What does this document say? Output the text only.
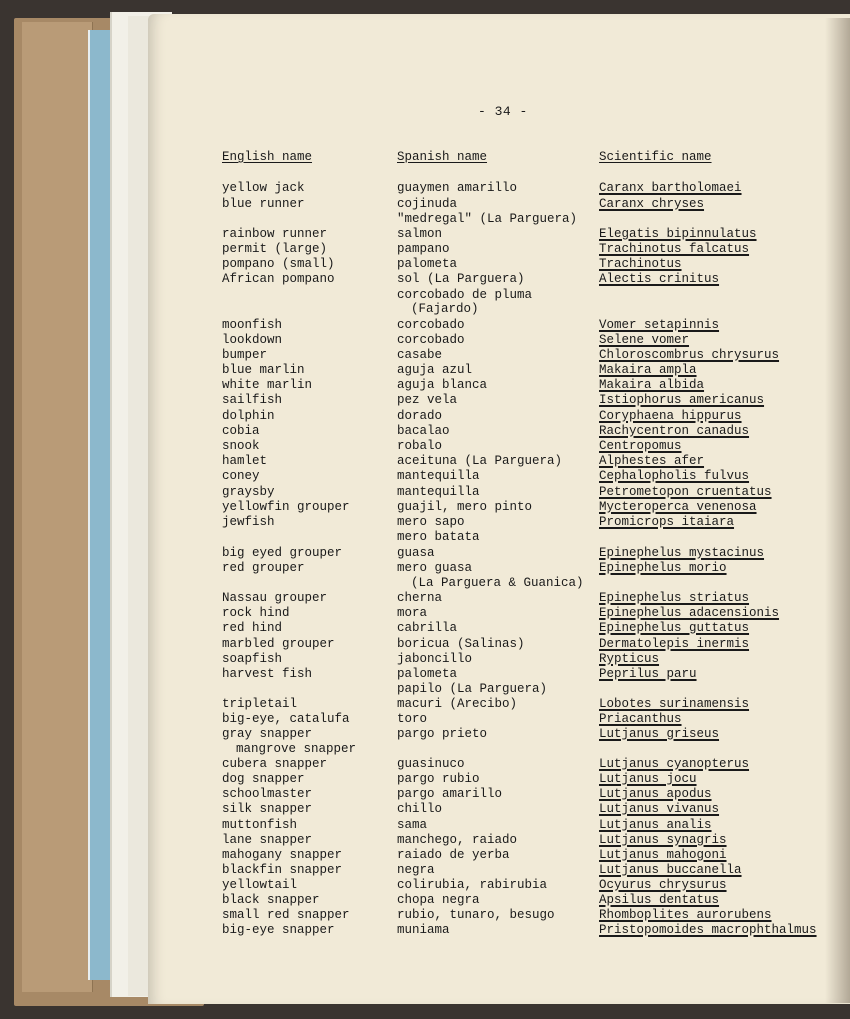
- 34 -
English name	Spanish name	Scientific name
yellow jack	guaymen amarillo	Caranx bartholomaei
blue runner	cojinuda	Caranx chryses
"medregal" (La Parguera)
rainbow runner	salmon	Elegatis bipinnulatus
permit (large)	pampano	Trachinotus falcatus
pompano (small)	palometa	Trachinotus
African pompano	sol (La Parguera)	Alectis crinitus
corcobado de pluma
(Fajardo)
moonfish	corcobado	Vomer setapinnis
lookdown	corcobado	Selene vomer
bumper	casabe	Chloroscombrus chrysurus
blue marlin	aguja azul	Makaira ampla
white marlin	aguja blanca	Makaira albida
sailfish	pez vela	Istiophorus americanus
dolphin	dorado	Coryphaena hippurus
cobia	bacalao	Rachycentron canadus
snook	robalo	Centropomus
hamlet	aceituna (La Parguera)	Alphestes afer
coney	mantequilla	Cephalopholis fulvus
graysby	mantequilla	Petrometopon cruentatus
yellowfin grouper	guajil, mero pinto	Mycteroperca venenosa
jewfish	mero sapo	Promicrops itaiara
mero batata
big eyed grouper	guasa	Epinephelus mystacinus
red grouper	mero guasa	Epinephelus morio
(La Parguera & Guanica)
Nassau grouper	cherna	Epinephelus striatus
rock hind	mora	Epinephelus adacensionis
red hind	cabrilla	Epinephelus guttatus
marbled grouper	boricua (Salinas)	Dermatolepis inermis
soapfish	jaboncillo	Rypticus
harvest fish	palometa	Peprilus paru
papilo (La Parguera)
tripletail	macuri (Arecibo)	Lobotes surinamensis
big-eye, catalufa	toro	Priacanthus
gray snapper	pargo prieto	Lutjanus griseus
mangrove snapper
cubera snapper	guasinuco	Lutjanus cyanopterus
dog snapper	pargo rubio	Lutjanus jocu
schoolmaster	pargo amarillo	Lutjanus apodus
silk snapper	chillo	Lutjanus vivanus
muttonfish	sama	Lutjanus analis
lane snapper	manchego, raiado	Lutjanus synagris
mahogany snapper	raiado de yerba	Lutjanus mahogoni
blackfin snapper	negra	Lutjanus buccanella
yellowtail	colirubia, rabirubia	Ocyurus chrysurus
black snapper	chopa negra	Apsilus dentatus
small red snapper	rubio, tunaro, besugo	Rhomboplites aurorubens
big-eye snapper	muniama	Pristopomoides macrophthalmus
